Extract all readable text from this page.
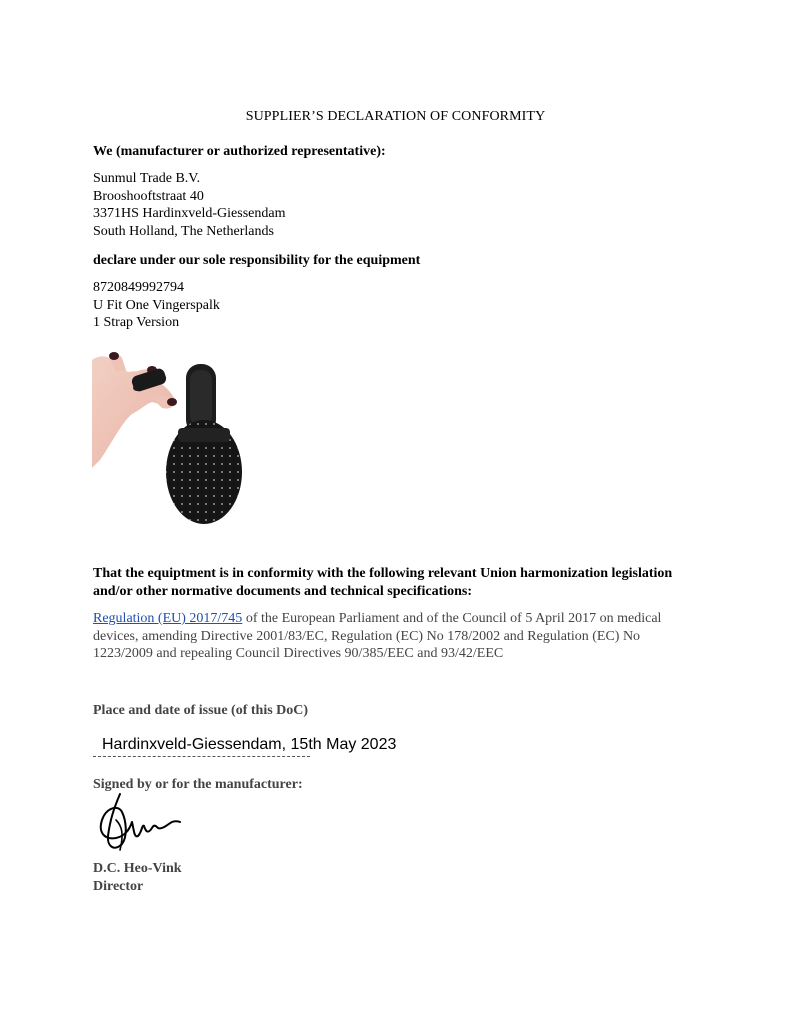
SUPPLIER’S DECLARATION OF CONFORMITY
We (manufacturer or authorized representative):
Sunmul Trade B.V.
Brooshooftstraat 40
3371HS Hardinxveld-Giessendam
South Holland, The Netherlands
declare under our sole responsibility for the equipment
8720849992794
U Fit One Vingerspalk
1 Strap Version
That the equiptment is in conformity with the following relevant Union harmonization legislation
and/or other normative documents and technical specifications:
Regulation (EU) 2017/745 of the European Parliament and of the Council of 5 April 2017 on medical devices, amending Directive 2001/83/EC, Regulation (EC) No 178/2002 and Regulation (EC) No 1223/2009 and repealing Council Directives 90/385/EEC and 93/42/EEC
Place and date of issue (of this DoC)
Hardinxveld-Giessendam, 15th May 2023
Signed by or for the manufacturer:
D.C. Heo-Vink
Director
